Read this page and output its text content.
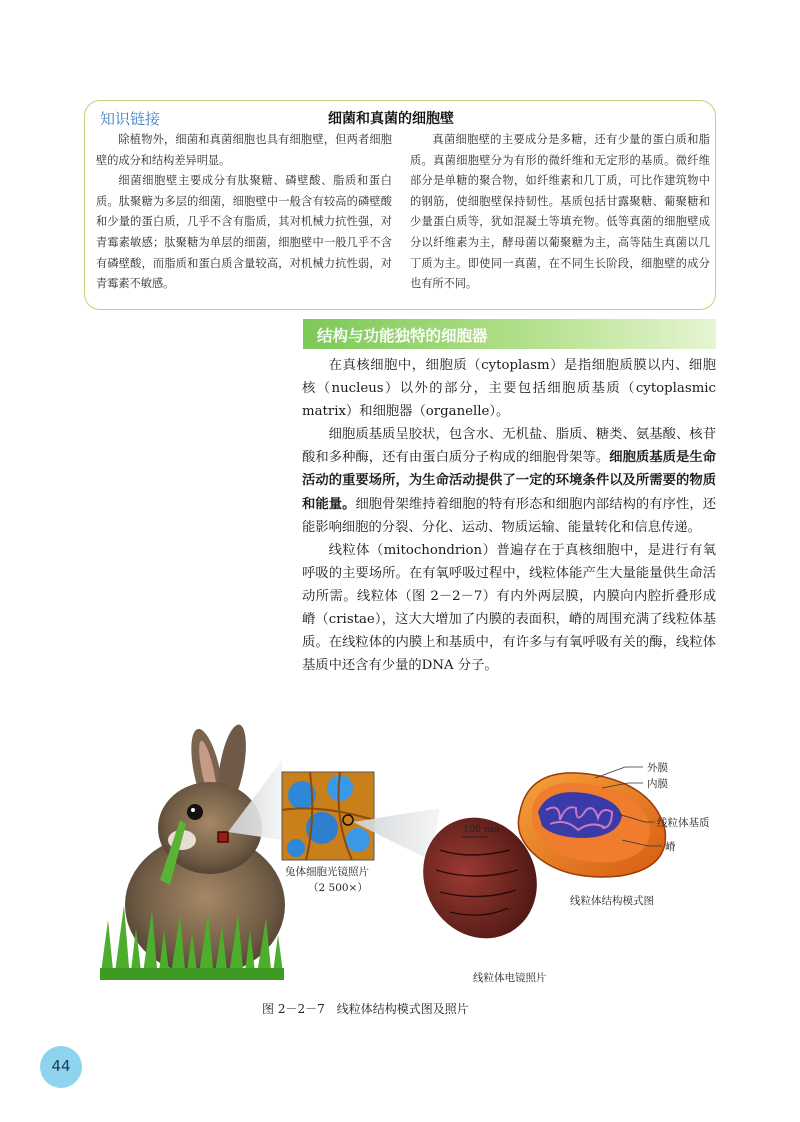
知识链接	细菌和真菌的细胞壁

除植物外，细菌和真菌细胞也具有细胞壁，但两者细胞壁的成分和结构差异明显。

细菌细胞壁主要成分有肽聚糖、磷壁酸、脂质和蛋白质。肽聚糖为多层的细菌，细胞壁中一般含有较高的磷壁酸和少量的蛋白质，几乎不含有脂质，其对机械力抗性强，对青霉素敏感；肽聚糖为单层的细菌，细胞壁中一般几乎不含有磷壁酸，而脂质和蛋白质含量较高，对机械力抗性弱，对青霉素不敏感。

真菌细胞壁的主要成分是多糖，还有少量的蛋白质和脂质。真菌细胞壁分为有形的微纤维和无定形的基质。微纤维部分是单糖的聚合物，如纤维素和几丁质，可比作建筑物中的钢筋，使细胞壁保持韧性。基质包括甘露聚糖、葡聚糖和少量蛋白质等，犹如混凝土等填充物。低等真菌的细胞壁成分以纤维素为主，酵母菌以葡聚糖为主，高等陆生真菌以几丁质为主。即使同一真菌，在不同生长阶段，细胞壁的成分也有所不同。

结构与功能独特的细胞器

在真核细胞中，细胞质（cytoplasm）是指细胞质膜以内、细胞核（nucleus）以外的部分，主要包括细胞质基质（cytoplasmic matrix）和细胞器（organelle）。

细胞质基质呈胶状，包含水、无机盐、脂质、糖类、氨基酸、核苷酸和多种酶，还有由蛋白质分子构成的细胞骨架等。细胞质基质是生命活动的重要场所，为生命活动提供了一定的环境条件以及所需要的物质和能量。细胞骨架维持着细胞的特有形态和细胞内部结构的有序性，还能影响细胞的分裂、分化、运动、物质运输、能量转化和信息传递。

线粒体（mitochondrion）普遍存在于真核细胞中，是进行有氧呼吸的主要场所。在有氧呼吸过程中，线粒体能产生大量能量供生命活动所需。线粒体（图 2－2－7）有内外两层膜，内膜向内腔折叠形成嵴（cristae），这大大增加了内膜的表面积，嵴的周围充满了线粒体基质。在线粒体的内膜上和基质中，有许多与有氧呼吸有关的酶，线粒体基质中还含有少量的DNA 分子。

外膜
内膜
线粒体基质
嵴
100 nm
兔体细胞光镜照片
（2 500×）
线粒体结构模式图
线粒体电镜照片
图 2－2－7　线粒体结构模式图及照片
44
